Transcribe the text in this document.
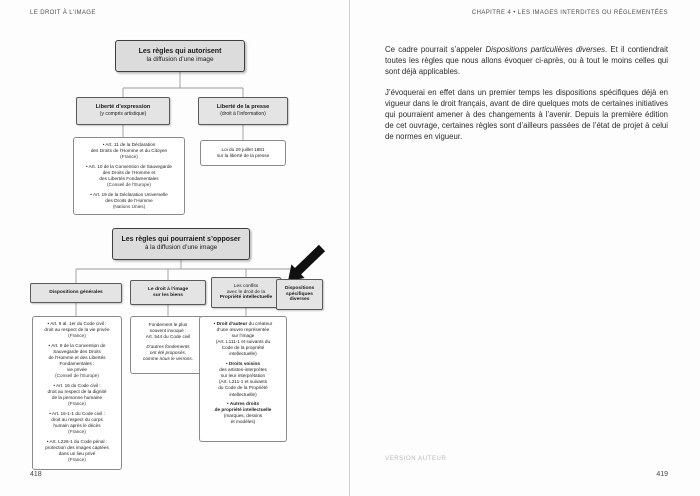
LE DROIT À L’IMAGE
Les règles qui autorisent
la diffusion d’une image
Liberté d’expression
(y compris artistique)
Liberté de la presse
(droit à l’information)
• Art. 11 de la Déclaration
des Droits de l’Homme et du Citoyen
(France)
• Art. 10 de la Convention de Sauvegarde
des Droits de l’Homme et
des Libertés Fondamentales
(Conseil de l’Europe)
• Art. 19 de la Déclaration Universelle
des Droits de l’Homme
(Nations Unies)
Loi du 29 juillet 1881
sur la liberté de la presse
Les règles qui pourraient s’opposer
à la diffusion d’une image
Dispositions générales
Le droit à l’image
sur les biens
Les conflits
avec le droit de la
Propriété intellectuelle
Dispositions
spécifiques
diverses
• Art. 9 al. 1er du Code civil :
droit au respect de la vie privée
(France)
• Art. 8 de la Convention de
Sauvegarde des Droits
de l’Homme et des Libertés
Fondamentales :
vie privée
(Conseil de l’Europe)
• Art. 16 du Code civil :
droit au respect de la dignité
de la personne humaine
(France)
• Art. 16-1-1 du Code civil :
droit au respect du corps
humain après le décès
(France)
• Art. L226-1 du Code pénal :
protection des images captées
dans un lieu privé
(France)
Fondement le plus
souvent invoqué :
Art. 544 du Code civil
D’autres fondements
ont été proposés,
comme nous le verrons.
• Droit d’auteur du créateur
d’une œuvre représentée
sur l’image
(Art. L111-1 et suivants du
Code de la propriété
intellectuelle)
• Droits voisins
des artistes-interprètes
sur leur interprétation
(Art. L211-1 et suivants
du Code de la Propriété
intellectuelle)
• Autres droits
de propriété intellectuelle
(marques, dessins
et modèles)
418
CHAPITRE 4 • LES IMAGES INTERDITES OU RÉGLEMENTÉES

Ce cadre pourrait s’appeler Dispositions particulières diverses. Et il contiendrait toutes les règles que nous allons évoquer ci-après, ou à tout le moins celles qui sont déjà applicables.

J’évoquerai en effet dans un premier temps les dispositions spécifiques déjà en vigueur dans le droit français, avant de dire quelques mots de certaines initiatives qui pourraient amener à des changements à l’avenir. Depuis la première édition de cet ouvrage, certaines règles sont d’ailleurs passées de l’état de projet à celui de normes en vigueur.

VERSION AUTEUR
419
